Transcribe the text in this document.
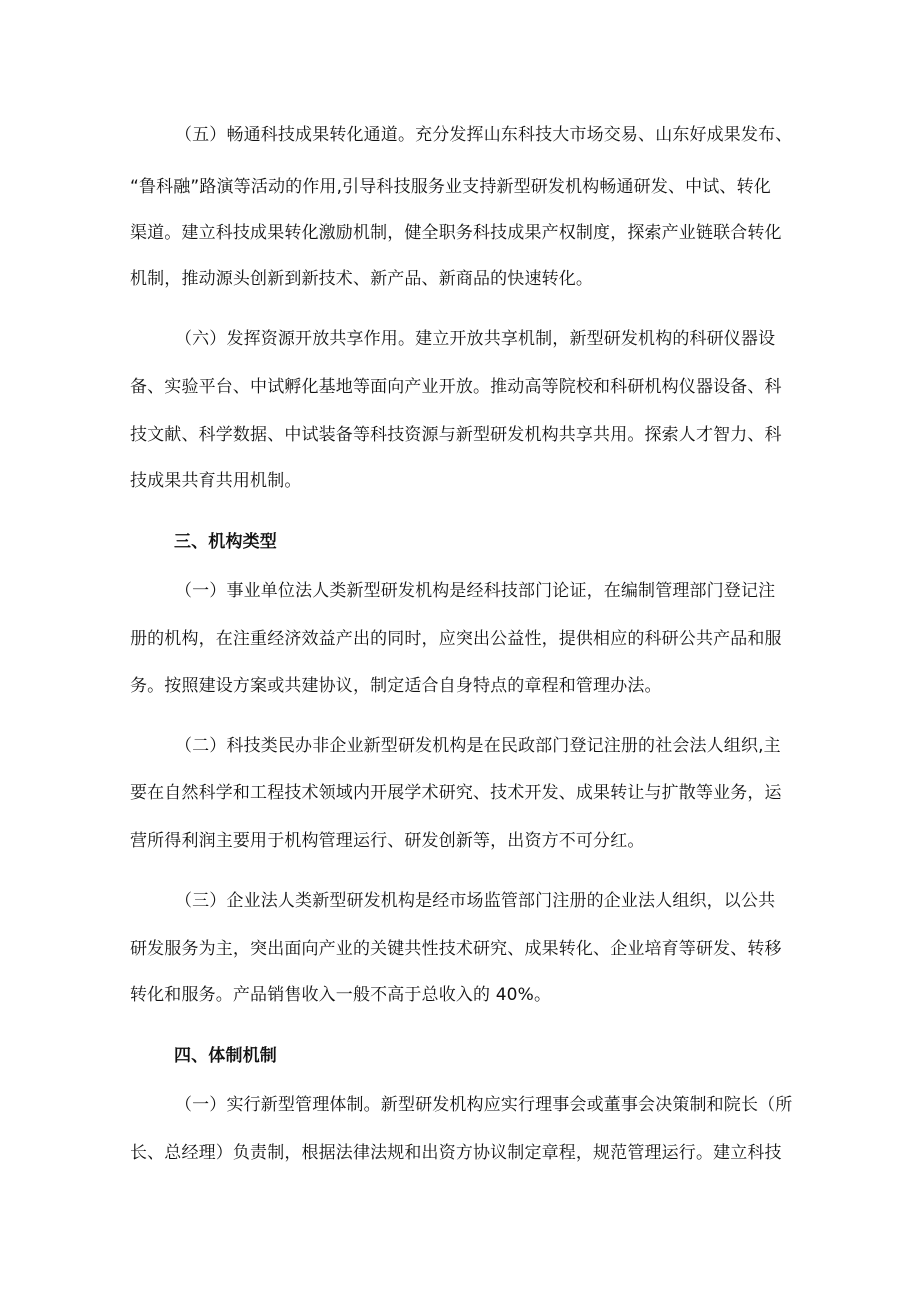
（五）畅通科技成果转化通道。充分发挥山东科技大市场交易、山东好成果发布、
“鲁科融”路演等活动的作用,引导科技服务业支持新型研发机构畅通研发、中试、转化
渠道。建立科技成果转化激励机制，健全职务科技成果产权制度，探索产业链联合转化
机制，推动源头创新到新技术、新产品、新商品的快速转化。
（六）发挥资源开放共享作用。建立开放共享机制，新型研发机构的科研仪器设
备、实验平台、中试孵化基地等面向产业开放。推动高等院校和科研机构仪器设备、科
技文献、科学数据、中试装备等科技资源与新型研发机构共享共用。探索人才智力、科
技成果共育共用机制。
三、机构类型
（一）事业单位法人类新型研发机构是经科技部门论证，在编制管理部门登记注
册的机构，在注重经济效益产出的同时，应突出公益性，提供相应的科研公共产品和服
务。按照建设方案或共建协议，制定适合自身特点的章程和管理办法。
（二）科技类民办非企业新型研发机构是在民政部门登记注册的社会法人组织,主
要在自然科学和工程技术领域内开展学术研究、技术开发、成果转让与扩散等业务，运
营所得利润主要用于机构管理运行、研发创新等，出资方不可分红。
（三）企业法人类新型研发机构是经市场监管部门注册的企业法人组织，以公共
研发服务为主，突出面向产业的关键共性技术研究、成果转化、企业培育等研发、转移
转化和服务。产品销售收入一般不高于总收入的 40%。
四、体制机制
（一）实行新型管理体制。新型研发机构应实行理事会或董事会决策制和院长（所
长、总经理）负责制，根据法律法规和出资方协议制定章程，规范管理运行。建立科技
